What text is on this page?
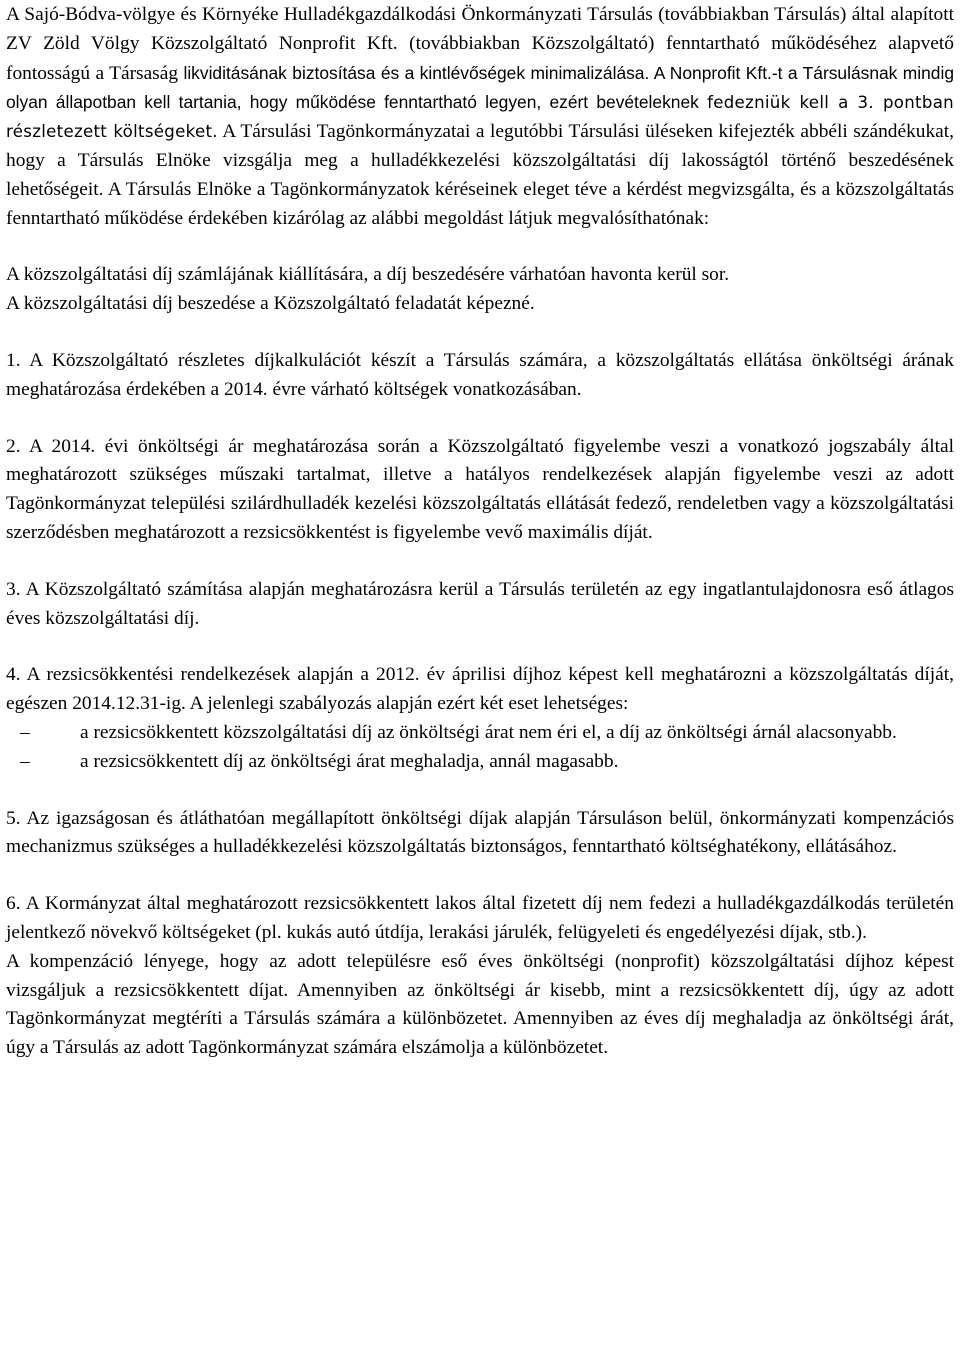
A Sajó-Bódva-völgye és Környéke Hulladékgazdálkodási Önkormányzati Társulás (továbbiakban Társulás) által alapított ZV Zöld Völgy Közszolgáltató Nonprofit Kft. (továbbiakban Közszolgáltató) fenntartható működéséhez alapvető fontosságú a Társaság likviditásának biztosítása és a kintlévőségek minimalizálása. A Nonprofit Kft.-t a Társulásnak mindig olyan állapotban kell tartania, hogy működése fenntartható legyen, ezért bevételeknek fedezniük kell a 3. pontban részletezett költségeket. A Társulási Tagönkormányzatai a legutóbbi Társulási üléseken kifejezték abbéli szándékukat, hogy a Társulás Elnöke vizsgálja meg a hulladékkezelési közszolgáltatási díj lakosságtól történő beszedésének lehetőségeit. A Társulás Elnöke a Tagönkormányzatok kéréseinek eleget téve a kérdést megvizsgálta, és a közszolgáltatás fenntartható működése érdekében kizárólag az alábbi megoldást látjuk megvalósíthatónak:

A közszolgáltatási díj számlájának kiállítására, a díj beszedésére várhatóan havonta kerül sor.

A közszolgáltatási díj beszedése a Közszolgáltató feladatát képezné.

1. A Közszolgáltató részletes díjkalkulációt készít a Társulás számára, a közszolgáltatás ellátása önköltségi árának meghatározása érdekében a 2014. évre várható költségek vonatkozásában.

2. A 2014. évi önköltségi ár meghatározása során a Közszolgáltató figyelembe veszi a vonatkozó jogszabály által meghatározott szükséges műszaki tartalmat, illetve a hatályos rendelkezések alapján figyelembe veszi az adott Tagönkormányzat települési szilárdhulladék kezelési közszolgáltatás ellátását fedező, rendeletben vagy a közszolgáltatási szerződésben meghatározott a rezsicsökkentést is figyelembe vevő maximális díját.

3. A Közszolgáltató számítása alapján meghatározásra kerül a Társulás területén az egy ingatlantulajdonosra eső átlagos éves közszolgáltatási díj.

4. A rezsicsökkentési rendelkezések alapján a 2012. év áprilisi díjhoz képest kell meghatározni a közszolgáltatás díját, egészen 2014.12.31-ig. A jelenlegi szabályozás alapján ezért két eset lehetséges:

–	a rezsicsökkentett közszolgáltatási díj az önköltségi árat nem éri el, a díj az önköltségi árnál alacsonyabb.
–	a rezsicsökkentett díj az önköltségi árat meghaladja, annál magasabb.

5. Az igazságosan és átláthatóan megállapított önköltségi díjak alapján Társuláson belül, önkormányzati kompenzációs mechanizmus szükséges a hulladékkezelési közszolgáltatás biztonságos, fenntartható költséghatékony, ellátásához.

6. A Kormányzat által meghatározott rezsicsökkentett lakos által fizetett díj nem fedezi a hulladékgazdálkodás területén jelentkező növekvő költségeket (pl. kukás autó útdíja, lerakási járulék, felügyeleti és engedélyezési díjak, stb.).

A kompenzáció lényege, hogy az adott településre eső éves önköltségi (nonprofit) közszolgáltatási díjhoz képest vizsgáljuk a rezsicsökkentett díjat. Amennyiben az önköltségi ár kisebb, mint a rezsicsökkentett díj, úgy az adott Tagönkormányzat megtéríti a Társulás számára a különbözetet. Amennyiben az éves díj meghaladja az önköltségi árát, úgy a Társulás az adott Tagönkormányzat számára elszámolja a különbözetet.
